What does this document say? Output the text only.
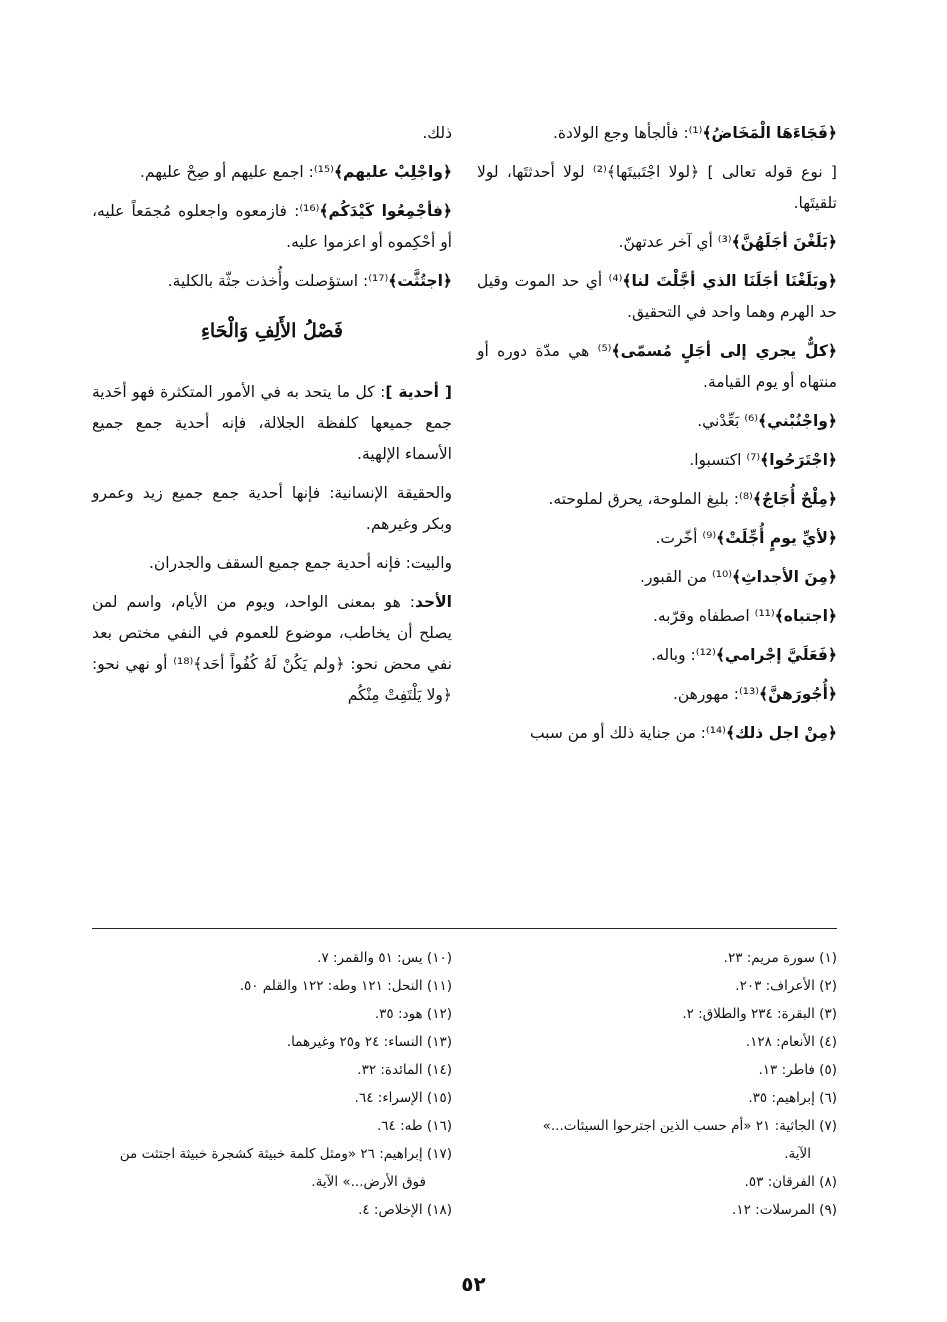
﴿فَجَاءَهَا الْمَخَاضُ﴾⁽¹⁾: فألجأها وجع الولادة.
[ نوع قوله تعالى ] ﴿لولا اجْتَبيتَها﴾⁽²⁾ لولا أحدثتَها، لولا تلقيتَها.
﴿بَلَغْنَ أجَلَهُنَّ﴾⁽³⁾ أي آخر عدتهنّ.
﴿وبَلَغْنَا أجَلَنَا الذي أجَّلْتَ لنا﴾⁽⁴⁾ أي حد الموت وقيل حد الهرم وهما واحد في التحقيق.
﴿كلٌّ يجري إلى أجَلٍ مُسمّى﴾⁽⁵⁾ هي مدّة دوره أو منتهاه أو يوم القيامة.
﴿واجْنُبْني﴾⁽⁶⁾ بَعِّدْني.
﴿اجْتَرَحُوا﴾⁽⁷⁾ اكتسبوا.
﴿مِلْحٌ أُجَاجٌ﴾⁽⁸⁾: بليغ الملوحة، يحرق لملوحته.
﴿لأيِّ يومٍ أُجِّلَتْ﴾⁽⁹⁾ أخّرت.
﴿مِنَ الأجداثِ﴾⁽¹⁰⁾ من القبور.
﴿اجتباه﴾⁽¹¹⁾ اصطفاه وقرّبه.
﴿فَعَلَيَّ إجْرامي﴾⁽¹²⁾: وباله.
﴿أُجُورَهنَّ﴾⁽¹³⁾: مهورهن.
﴿مِنْ اجل ذلك﴾⁽¹⁴⁾: من جناية ذلك أو من سبب
ذلك.
﴿واجْلِبْ عليهم﴾⁽¹⁵⁾: اجمع عليهم أو صِحْ عليهم.
﴿فأجْمِعُوا كَيْدَكُم﴾⁽¹⁶⁾: فازمعوه واجعلوه مُجمَعاً عليه، أو أحْكِموه أو اعزموا عليه.
﴿اجتُثَّت﴾⁽¹⁷⁾: استؤصلت وأُخذت جثّة بالكلية.
فَصْلُ الأَلِفِ وَالْحَاءِ
[ أحدية ]: كل ما يتحد به في الأمور المتكثرة فهو أحَدية جمع جميعها كلفظة الجلالة، فإنه أحدية جمع جميع الأسماء الإلهية.
والحقيقة الإنسانية: فإنها أحدية جمع جميع زيد وعمرو وبكر وغيرهم.
والبيت: فإنه أحدية جمع جميع السقف والجدران.
الأحد: هو بمعنى الواحد، ويوم من الأيام، واسم لمن يصلح أن يخاطب، موضوع للعموم في النفي مختص بعد نفي محض نحو: ﴿ولم يَكُنْ لَهُ كُفُواً أحَد﴾⁽¹⁸⁾ أو نهي نحو: ﴿ولا يَلْتَفِتْ مِنْكُم
(١) سورة مريم: ٢٣.
(٢) الأعراف: ٢٠٣.
(٣) البقرة: ٢٣٤ والطلاق: ٢.
(٤) الأنعام: ١٢٨.
(٥) فاطر: ١٣.
(٦) إبراهيم: ٣٥.
(٧) الجاثية: ٢١ «أم حسب الذين اجترحوا السيئات...»
الآية.
(٨) الفرقان: ٥٣.
(٩) المرسلات: ١٢.
(١٠) يس: ٥١ والقمر: ٧.
(١١) النحل: ١٢١ وطه: ١٢٢ والقلم ٥٠.
(١٢) هود: ٣٥.
(١٣) النساء: ٢٤ و٢٥ وغيرهما.
(١٤) المائدة: ٣٢.
(١٥) الإسراء: ٦٤.
(١٦) طه: ٦٤.
(١٧) إبراهيم: ٢٦ «ومثل كلمة خبيثة كشجرة خبيثة اجتثت من
فوق الأرض...» الآية.
(١٨) الإخلاص: ٤.
٥٢
